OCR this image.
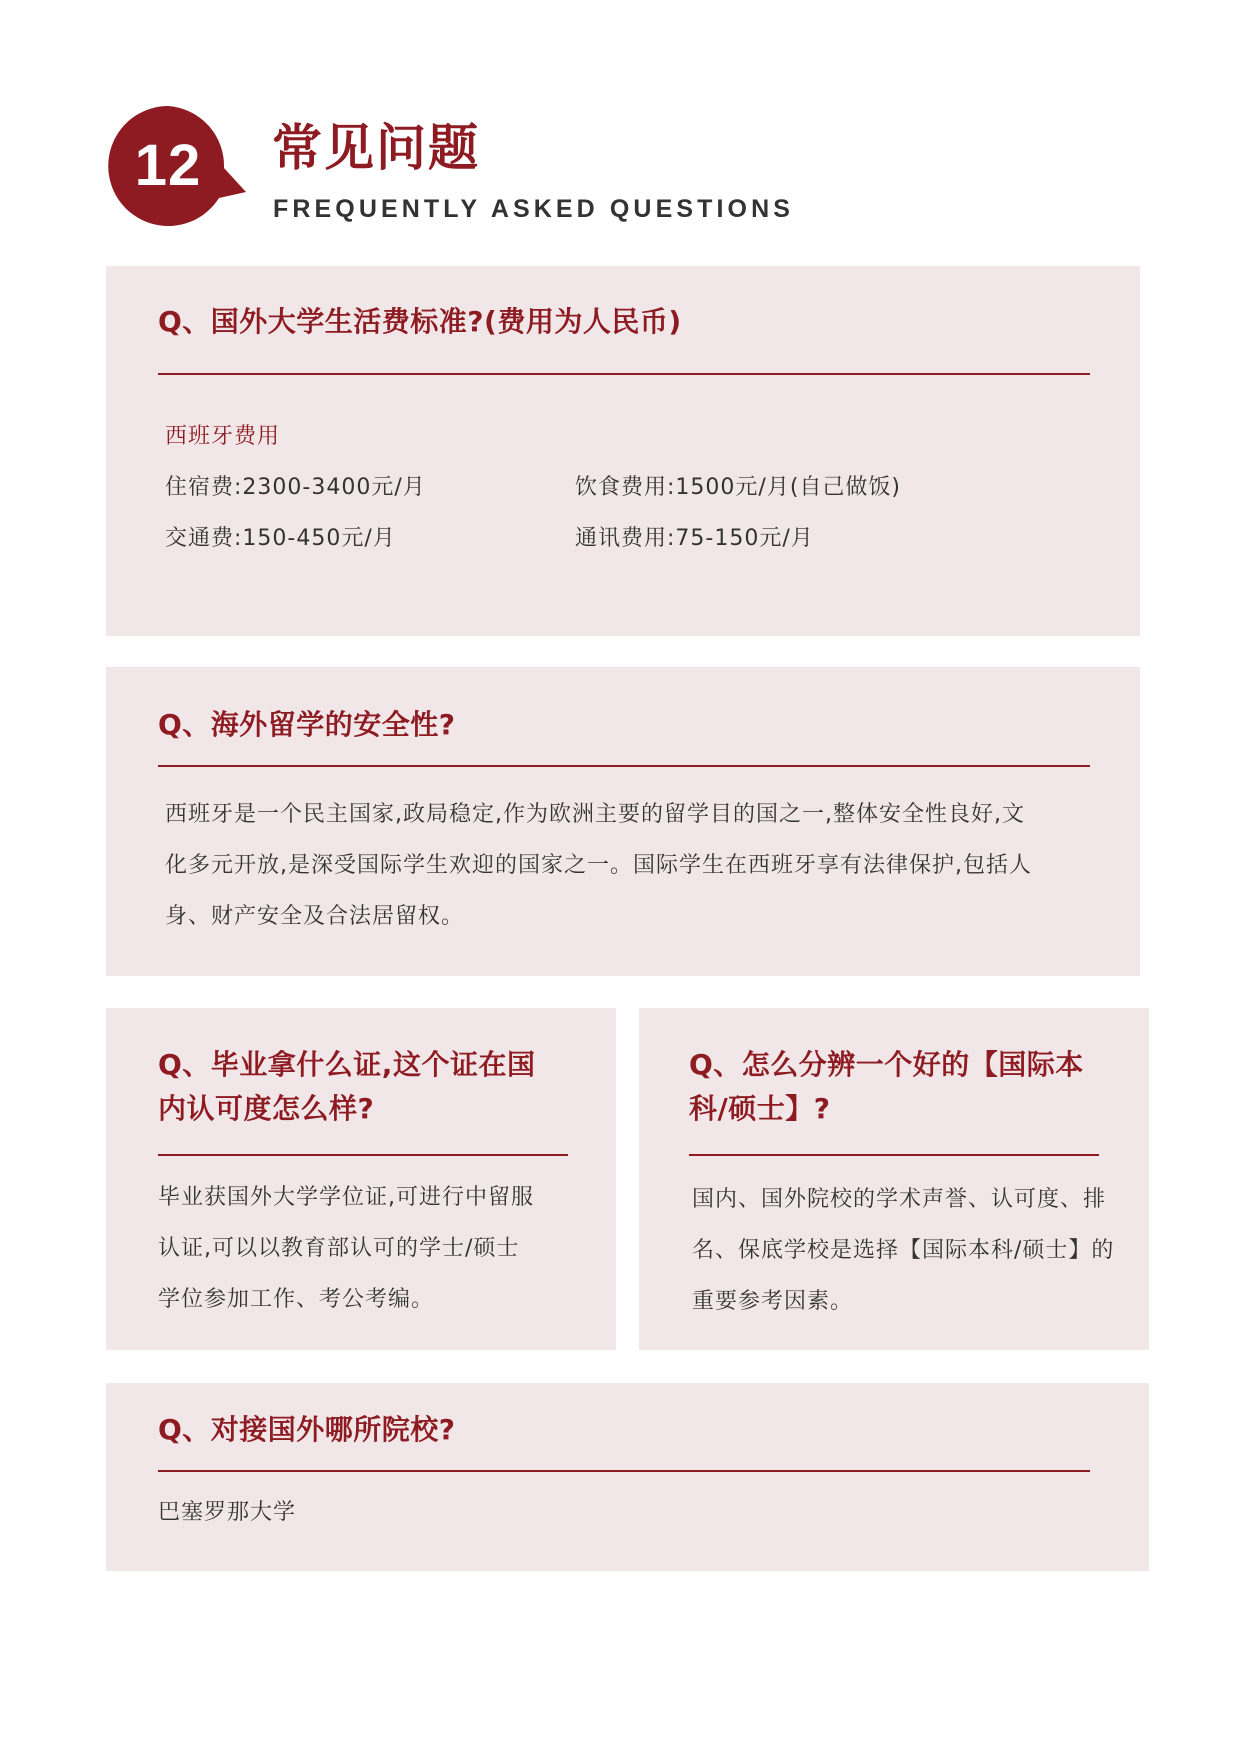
12	常见问题
FREQUENTLY ASKED QUESTIONS
Q、国外大学生活费标准?(费用为人民币)
西班牙费用
住宿费:2300-3400元/月	饮食费用:1500元/月(自己做饭)
交通费:150-450元/月	通讯费用:75-150元/月
Q、海外留学的安全性?
西班牙是一个民主国家,政局稳定,作为欧洲主要的留学目的国之一,整体安全性良好,文
化多元开放,是深受国际学生欢迎的国家之一。国际学生在西班牙享有法律保护,包括人
身、财产安全及合法居留权。
Q、毕业拿什么证,这个证在国
内认可度怎么样?
毕业获国外大学学位证,可进行中留服
认证,可以以教育部认可的学士/硕士
学位参加工作、考公考编。
Q、怎么分辨一个好的【国际本
科/硕士】?
国内、国外院校的学术声誉、认可度、排
名、保底学校是选择【国际本科/硕士】的
重要参考因素。
Q、对接国外哪所院校?
巴塞罗那大学
